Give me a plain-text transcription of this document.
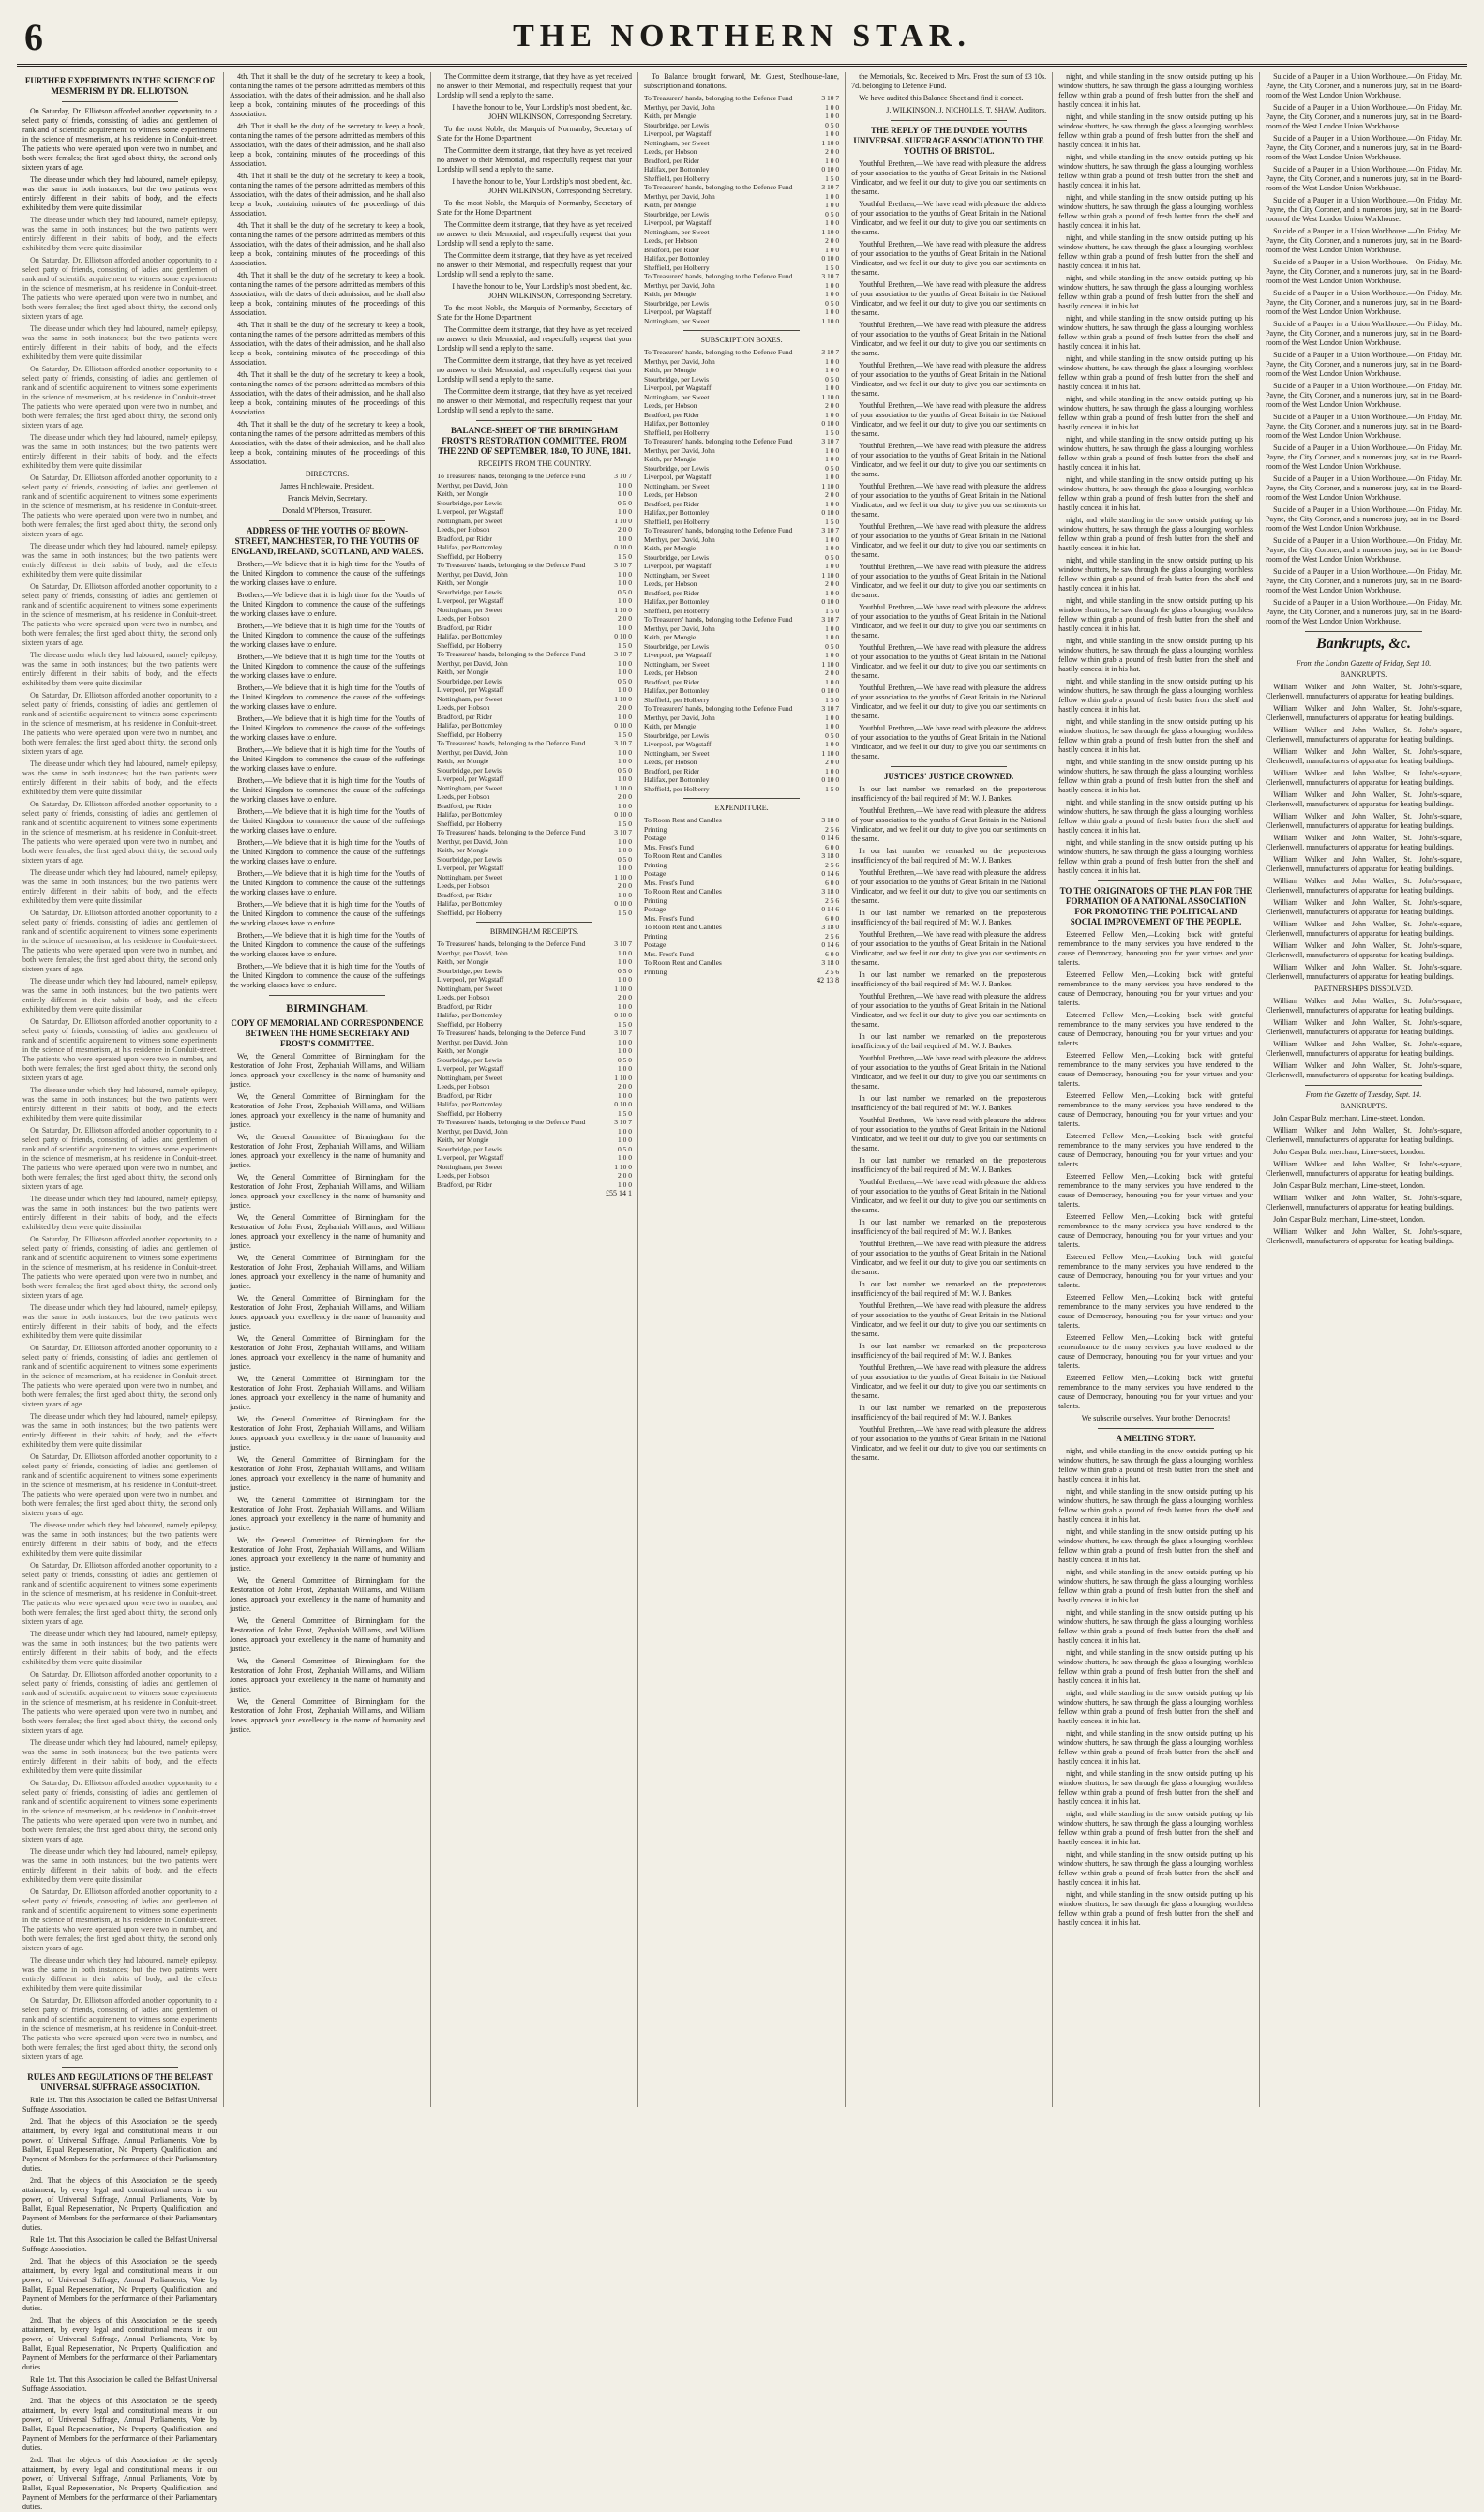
6	THE NORTHERN STAR.
FURTHER EXPERIMENTS IN THE SCIENCE OF MESMERISM BY DR. ELLIOTSON.

On Saturday, Dr. Elliotson afforded another opportunity to a select party of friends, consisting of ladies and gentlemen of rank and of scientific acquirement, to witness some experiments in the science of mesmerism, at his residence in Conduit-street. The patients who were operated upon were two in number, and both were females; the first aged about thirty, the second only sixteen years of age.

The disease under which they had laboured, namely epilepsy, was the same in both instances; but the two patients were entirely different in their habits of body, and the effects exhibited by them were quite dissimilar.

The disease under which they had laboured, namely epilepsy, was the same in both instances; but the two patients were entirely different in their habits of body, and the effects exhibited by them were quite dissimilar.

On Saturday, Dr. Elliotson afforded another opportunity to a select party of friends, consisting of ladies and gentlemen of rank and of scientific acquirement, to witness some experiments in the science of mesmerism, at his residence in Conduit-street. The patients who were operated upon were two in number, and both were females; the first aged about thirty, the second only sixteen years of age.

The disease under which they had laboured, namely epilepsy, was the same in both instances; but the two patients were entirely different in their habits of body, and the effects exhibited by them were quite dissimilar.

On Saturday, Dr. Elliotson afforded another opportunity to a select party of friends, consisting of ladies and gentlemen of rank and of scientific acquirement, to witness some experiments in the science of mesmerism, at his residence in Conduit-street. The patients who were operated upon were two in number, and both were females; the first aged about thirty, the second only sixteen years of age.

The disease under which they had laboured, namely epilepsy, was the same in both instances; but the two patients were entirely different in their habits of body, and the effects exhibited by them were quite dissimilar.

On Saturday, Dr. Elliotson afforded another opportunity to a select party of friends, consisting of ladies and gentlemen of rank and of scientific acquirement, to witness some experiments in the science of mesmerism, at his residence in Conduit-street. The patients who were operated upon were two in number, and both were females; the first aged about thirty, the second only sixteen years of age.

The disease under which they had laboured, namely epilepsy, was the same in both instances; but the two patients were entirely different in their habits of body, and the effects exhibited by them were quite dissimilar.

On Saturday, Dr. Elliotson afforded another opportunity to a select party of friends, consisting of ladies and gentlemen of rank and of scientific acquirement, to witness some experiments in the science of mesmerism, at his residence in Conduit-street. The patients who were operated upon were two in number, and both were females; the first aged about thirty, the second only sixteen years of age.

The disease under which they had laboured, namely epilepsy, was the same in both instances; but the two patients were entirely different in their habits of body, and the effects exhibited by them were quite dissimilar.

On Saturday, Dr. Elliotson afforded another opportunity to a select party of friends, consisting of ladies and gentlemen of rank and of scientific acquirement, to witness some experiments in the science of mesmerism, at his residence in Conduit-street. The patients who were operated upon were two in number, and both were females; the first aged about thirty, the second only sixteen years of age.

The disease under which they had laboured, namely epilepsy, was the same in both instances; but the two patients were entirely different in their habits of body, and the effects exhibited by them were quite dissimilar.

On Saturday, Dr. Elliotson afforded another opportunity to a select party of friends, consisting of ladies and gentlemen of rank and of scientific acquirement, to witness some experiments in the science of mesmerism, at his residence in Conduit-street. The patients who were operated upon were two in number, and both were females; the first aged about thirty, the second only sixteen years of age.

The disease under which they had laboured, namely epilepsy, was the same in both instances; but the two patients were entirely different in their habits of body, and the effects exhibited by them were quite dissimilar.

On Saturday, Dr. Elliotson afforded another opportunity to a select party of friends, consisting of ladies and gentlemen of rank and of scientific acquirement, to witness some experiments in the science of mesmerism, at his residence in Conduit-street. The patients who were operated upon were two in number, and both were females; the first aged about thirty, the second only sixteen years of age.

The disease under which they had laboured, namely epilepsy, was the same in both instances; but the two patients were entirely different in their habits of body, and the effects exhibited by them were quite dissimilar.

On Saturday, Dr. Elliotson afforded another opportunity to a select party of friends, consisting of ladies and gentlemen of rank and of scientific acquirement, to witness some experiments in the science of mesmerism, at his residence in Conduit-street. The patients who were operated upon were two in number, and both were females; the first aged about thirty, the second only sixteen years of age.

The disease under which they had laboured, namely epilepsy, was the same in both instances; but the two patients were entirely different in their habits of body, and the effects exhibited by them were quite dissimilar.

On Saturday, Dr. Elliotson afforded another opportunity to a select party of friends, consisting of ladies and gentlemen of rank and of scientific acquirement, to witness some experiments in the science of mesmerism, at his residence in Conduit-street. The patients who were operated upon were two in number, and both were females; the first aged about thirty, the second only sixteen years of age.

The disease under which they had laboured, namely epilepsy, was the same in both instances; but the two patients were entirely different in their habits of body, and the effects exhibited by them were quite dissimilar.

On Saturday, Dr. Elliotson afforded another opportunity to a select party of friends, consisting of ladies and gentlemen of rank and of scientific acquirement, to witness some experiments in the science of mesmerism, at his residence in Conduit-street. The patients who were operated upon were two in number, and both were females; the first aged about thirty, the second only sixteen years of age.

The disease under which they had laboured, namely epilepsy, was the same in both instances; but the two patients were entirely different in their habits of body, and the effects exhibited by them were quite dissimilar.

On Saturday, Dr. Elliotson afforded another opportunity to a select party of friends, consisting of ladies and gentlemen of rank and of scientific acquirement, to witness some experiments in the science of mesmerism, at his residence in Conduit-street. The patients who were operated upon were two in number, and both were females; the first aged about thirty, the second only sixteen years of age.

The disease under which they had laboured, namely epilepsy, was the same in both instances; but the two patients were entirely different in their habits of body, and the effects exhibited by them were quite dissimilar.

On Saturday, Dr. Elliotson afforded another opportunity to a select party of friends, consisting of ladies and gentlemen of rank and of scientific acquirement, to witness some experiments in the science of mesmerism, at his residence in Conduit-street. The patients who were operated upon were two in number, and both were females; the first aged about thirty, the second only sixteen years of age.

The disease under which they had laboured, namely epilepsy, was the same in both instances; but the two patients were entirely different in their habits of body, and the effects exhibited by them were quite dissimilar.

On Saturday, Dr. Elliotson afforded another opportunity to a select party of friends, consisting of ladies and gentlemen of rank and of scientific acquirement, to witness some experiments in the science of mesmerism, at his residence in Conduit-street. The patients who were operated upon were two in number, and both were females; the first aged about thirty, the second only sixteen years of age.

The disease under which they had laboured, namely epilepsy, was the same in both instances; but the two patients were entirely different in their habits of body, and the effects exhibited by them were quite dissimilar.

On Saturday, Dr. Elliotson afforded another opportunity to a select party of friends, consisting of ladies and gentlemen of rank and of scientific acquirement, to witness some experiments in the science of mesmerism, at his residence in Conduit-street. The patients who were operated upon were two in number, and both were females; the first aged about thirty, the second only sixteen years of age.

The disease under which they had laboured, namely epilepsy, was the same in both instances; but the two patients were entirely different in their habits of body, and the effects exhibited by them were quite dissimilar.

On Saturday, Dr. Elliotson afforded another opportunity to a select party of friends, consisting of ladies and gentlemen of rank and of scientific acquirement, to witness some experiments in the science of mesmerism, at his residence in Conduit-street. The patients who were operated upon were two in number, and both were females; the first aged about thirty, the second only sixteen years of age.

The disease under which they had laboured, namely epilepsy, was the same in both instances; but the two patients were entirely different in their habits of body, and the effects exhibited by them were quite dissimilar.

On Saturday, Dr. Elliotson afforded another opportunity to a select party of friends, consisting of ladies and gentlemen of rank and of scientific acquirement, to witness some experiments in the science of mesmerism, at his residence in Conduit-street. The patients who were operated upon were two in number, and both were females; the first aged about thirty, the second only sixteen years of age.

The disease under which they had laboured, namely epilepsy, was the same in both instances; but the two patients were entirely different in their habits of body, and the effects exhibited by them were quite dissimilar.

On Saturday, Dr. Elliotson afforded another opportunity to a select party of friends, consisting of ladies and gentlemen of rank and of scientific acquirement, to witness some experiments in the science of mesmerism, at his residence in Conduit-street. The patients who were operated upon were two in number, and both were females; the first aged about thirty, the second only sixteen years of age.

RULES AND REGULATIONS OF THE BELFAST UNIVERSAL SUFFRAGE ASSOCIATION.

Rule 1st. That this Association be called the Belfast Universal Suffrage Association.

2nd. That the objects of this Association be the speedy attainment, by every legal and constitutional means in our power, of Universal Suffrage, Annual Parliaments, Vote by Ballot, Equal Representation, No Property Qualification, and Payment of Members for the performance of their Parliamentary duties.

2nd. That the objects of this Association be the speedy attainment, by every legal and constitutional means in our power, of Universal Suffrage, Annual Parliaments, Vote by Ballot, Equal Representation, No Property Qualification, and Payment of Members for the performance of their Parliamentary duties.

Rule 1st. That this Association be called the Belfast Universal Suffrage Association.

2nd. That the objects of this Association be the speedy attainment, by every legal and constitutional means in our power, of Universal Suffrage, Annual Parliaments, Vote by Ballot, Equal Representation, No Property Qualification, and Payment of Members for the performance of their Parliamentary duties.

2nd. That the objects of this Association be the speedy attainment, by every legal and constitutional means in our power, of Universal Suffrage, Annual Parliaments, Vote by Ballot, Equal Representation, No Property Qualification, and Payment of Members for the performance of their Parliamentary duties.

Rule 1st. That this Association be called the Belfast Universal Suffrage Association.

2nd. That the objects of this Association be the speedy attainment, by every legal and constitutional means in our power, of Universal Suffrage, Annual Parliaments, Vote by Ballot, Equal Representation, No Property Qualification, and Payment of Members for the performance of their Parliamentary duties.

2nd. That the objects of this Association be the speedy attainment, by every legal and constitutional means in our power, of Universal Suffrage, Annual Parliaments, Vote by Ballot, Equal Representation, No Property Qualification, and Payment of Members for the performance of their Parliamentary duties.

4th. That it shall be the duty of the secretary to keep a book, containing the names of the persons admitted as members of this Association, with the dates of their admission, and he shall also keep a book, containing minutes of the proceedings of this Association.

4th. That it shall be the duty of the secretary to keep a book, containing the names of the persons admitted as members of this Association, with the dates of their admission, and he shall also keep a book, containing minutes of the proceedings of this Association.

4th. That it shall be the duty of the secretary to keep a book, containing the names of the persons admitted as members of this Association, with the dates of their admission, and he shall also keep a book, containing minutes of the proceedings of this Association.

4th. That it shall be the duty of the secretary to keep a book, containing the names of the persons admitted as members of this Association, with the dates of their admission, and he shall also keep a book, containing minutes of the proceedings of this Association.

4th. That it shall be the duty of the secretary to keep a book, containing the names of the persons admitted as members of this Association, with the dates of their admission, and he shall also keep a book, containing minutes of the proceedings of this Association.

4th. That it shall be the duty of the secretary to keep a book, containing the names of the persons admitted as members of this Association, with the dates of their admission, and he shall also keep a book, containing minutes of the proceedings of this Association.

4th. That it shall be the duty of the secretary to keep a book, containing the names of the persons admitted as members of this Association, with the dates of their admission, and he shall also keep a book, containing minutes of the proceedings of this Association.

4th. That it shall be the duty of the secretary to keep a book, containing the names of the persons admitted as members of this Association, with the dates of their admission, and he shall also keep a book, containing minutes of the proceedings of this Association.

DIRECTORS.

James Hinchlewaite, President.

Francis Melvin, Secretary.

Donald M'Pherson, Treasurer.

ADDRESS OF THE YOUTHS OF BROWN-STREET, MANCHESTER, TO THE YOUTHS OF ENGLAND, IRELAND, SCOTLAND, AND WALES.

Brothers,—We believe that it is high time for the Youths of the United Kingdom to commence the cause of the sufferings the working classes have to endure.

Brothers,—We believe that it is high time for the Youths of the United Kingdom to commence the cause of the sufferings the working classes have to endure.

Brothers,—We believe that it is high time for the Youths of the United Kingdom to commence the cause of the sufferings the working classes have to endure.

Brothers,—We believe that it is high time for the Youths of the United Kingdom to commence the cause of the sufferings the working classes have to endure.

Brothers,—We believe that it is high time for the Youths of the United Kingdom to commence the cause of the sufferings the working classes have to endure.

Brothers,—We believe that it is high time for the Youths of the United Kingdom to commence the cause of the sufferings the working classes have to endure.

Brothers,—We believe that it is high time for the Youths of the United Kingdom to commence the cause of the sufferings the working classes have to endure.

Brothers,—We believe that it is high time for the Youths of the United Kingdom to commence the cause of the sufferings the working classes have to endure.

Brothers,—We believe that it is high time for the Youths of the United Kingdom to commence the cause of the sufferings the working classes have to endure.

Brothers,—We believe that it is high time for the Youths of the United Kingdom to commence the cause of the sufferings the working classes have to endure.

Brothers,—We believe that it is high time for the Youths of the United Kingdom to commence the cause of the sufferings the working classes have to endure.

Brothers,—We believe that it is high time for the Youths of the United Kingdom to commence the cause of the sufferings the working classes have to endure.

Brothers,—We believe that it is high time for the Youths of the United Kingdom to commence the cause of the sufferings the working classes have to endure.

Brothers,—We believe that it is high time for the Youths of the United Kingdom to commence the cause of the sufferings the working classes have to endure.

BIRMINGHAM.
COPY OF MEMORIAL AND CORRESPONDENCE BETWEEN THE HOME SECRETARY AND FROST'S COMMITTEE.

We, the General Committee of Birmingham for the Restoration of John Frost, Zephaniah Williams, and William Jones, approach your excellency in the name of humanity and justice.

We, the General Committee of Birmingham for the Restoration of John Frost, Zephaniah Williams, and William Jones, approach your excellency in the name of humanity and justice.

We, the General Committee of Birmingham for the Restoration of John Frost, Zephaniah Williams, and William Jones, approach your excellency in the name of humanity and justice.

We, the General Committee of Birmingham for the Restoration of John Frost, Zephaniah Williams, and William Jones, approach your excellency in the name of humanity and justice.

We, the General Committee of Birmingham for the Restoration of John Frost, Zephaniah Williams, and William Jones, approach your excellency in the name of humanity and justice.

We, the General Committee of Birmingham for the Restoration of John Frost, Zephaniah Williams, and William Jones, approach your excellency in the name of humanity and justice.

We, the General Committee of Birmingham for the Restoration of John Frost, Zephaniah Williams, and William Jones, approach your excellency in the name of humanity and justice.

We, the General Committee of Birmingham for the Restoration of John Frost, Zephaniah Williams, and William Jones, approach your excellency in the name of humanity and justice.

We, the General Committee of Birmingham for the Restoration of John Frost, Zephaniah Williams, and William Jones, approach your excellency in the name of humanity and justice.

We, the General Committee of Birmingham for the Restoration of John Frost, Zephaniah Williams, and William Jones, approach your excellency in the name of humanity and justice.

We, the General Committee of Birmingham for the Restoration of John Frost, Zephaniah Williams, and William Jones, approach your excellency in the name of humanity and justice.

We, the General Committee of Birmingham for the Restoration of John Frost, Zephaniah Williams, and William Jones, approach your excellency in the name of humanity and justice.

We, the General Committee of Birmingham for the Restoration of John Frost, Zephaniah Williams, and William Jones, approach your excellency in the name of humanity and justice.

We, the General Committee of Birmingham for the Restoration of John Frost, Zephaniah Williams, and William Jones, approach your excellency in the name of humanity and justice.

We, the General Committee of Birmingham for the Restoration of John Frost, Zephaniah Williams, and William Jones, approach your excellency in the name of humanity and justice.

We, the General Committee of Birmingham for the Restoration of John Frost, Zephaniah Williams, and William Jones, approach your excellency in the name of humanity and justice.

We, the General Committee of Birmingham for the Restoration of John Frost, Zephaniah Williams, and William Jones, approach your excellency in the name of humanity and justice.

The Committee deem it strange, that they have as yet received no answer to their Memorial, and respectfully request that your Lordship will send a reply to the same.

I have the honour to be, Your Lordship's most obedient, &c. JOHN WILKINSON, Corresponding Secretary.

To the most Noble, the Marquis of Normanby, Secretary of State for the Home Department.

The Committee deem it strange, that they have as yet received no answer to their Memorial, and respectfully request that your Lordship will send a reply to the same.

I have the honour to be, Your Lordship's most obedient, &c. JOHN WILKINSON, Corresponding Secretary.

To the most Noble, the Marquis of Normanby, Secretary of State for the Home Department.

The Committee deem it strange, that they have as yet received no answer to their Memorial, and respectfully request that your Lordship will send a reply to the same.

The Committee deem it strange, that they have as yet received no answer to their Memorial, and respectfully request that your Lordship will send a reply to the same.

I have the honour to be, Your Lordship's most obedient, &c. JOHN WILKINSON, Corresponding Secretary.

To the most Noble, the Marquis of Normanby, Secretary of State for the Home Department.

The Committee deem it strange, that they have as yet received no answer to their Memorial, and respectfully request that your Lordship will send a reply to the same.

The Committee deem it strange, that they have as yet received no answer to their Memorial, and respectfully request that your Lordship will send a reply to the same.

The Committee deem it strange, that they have as yet received no answer to their Memorial, and respectfully request that your Lordship will send a reply to the same.

BALANCE-SHEET OF THE BIRMINGHAM FROST'S RESTORATION COMMITTEE, FROM THE 22ND OF SEPTEMBER, 1840, TO JUNE, 1841.

RECEIPTS FROM THE COUNTRY.

To Treasurers' hands, belonging to the Defence Fund	3 10 7
Merthyr, per David, John	1 0 0
Keith, per Mongie	1 0 0
Stourbridge, per Lewis	0 5 0
Liverpool, per Wagstaff	1 0 0
Nottingham, per Sweet	1 10 0
Leeds, per Hobson	2 0 0
Bradford, per Rider	1 0 0
Halifax, per Bottomley	0 10 0
Sheffield, per Holberry	1 5 0
To Treasurers' hands, belonging to the Defence Fund	3 10 7
Merthyr, per David, John	1 0 0
Keith, per Mongie	1 0 0
Stourbridge, per Lewis	0 5 0
Liverpool, per Wagstaff	1 0 0
Nottingham, per Sweet	1 10 0
Leeds, per Hobson	2 0 0
Bradford, per Rider	1 0 0
Halifax, per Bottomley	0 10 0
Sheffield, per Holberry	1 5 0
To Treasurers' hands, belonging to the Defence Fund	3 10 7
Merthyr, per David, John	1 0 0
Keith, per Mongie	1 0 0
Stourbridge, per Lewis	0 5 0
Liverpool, per Wagstaff	1 0 0
Nottingham, per Sweet	1 10 0
Leeds, per Hobson	2 0 0
Bradford, per Rider	1 0 0
Halifax, per Bottomley	0 10 0
Sheffield, per Holberry	1 5 0
To Treasurers' hands, belonging to the Defence Fund	3 10 7
Merthyr, per David, John	1 0 0
Keith, per Mongie	1 0 0
Stourbridge, per Lewis	0 5 0
Liverpool, per Wagstaff	1 0 0
Nottingham, per Sweet	1 10 0
Leeds, per Hobson	2 0 0
Bradford, per Rider	1 0 0
Halifax, per Bottomley	0 10 0
Sheffield, per Holberry	1 5 0
To Treasurers' hands, belonging to the Defence Fund	3 10 7
Merthyr, per David, John	1 0 0
Keith, per Mongie	1 0 0
Stourbridge, per Lewis	0 5 0
Liverpool, per Wagstaff	1 0 0
Nottingham, per Sweet	1 10 0
Leeds, per Hobson	2 0 0
Bradford, per Rider	1 0 0
Halifax, per Bottomley	0 10 0
Sheffield, per Holberry	1 5 0

BIRMINGHAM RECEIPTS.

To Treasurers' hands, belonging to the Defence Fund	3 10 7
Merthyr, per David, John	1 0 0
Keith, per Mongie	1 0 0
Stourbridge, per Lewis	0 5 0
Liverpool, per Wagstaff	1 0 0
Nottingham, per Sweet	1 10 0
Leeds, per Hobson	2 0 0
Bradford, per Rider	1 0 0
Halifax, per Bottomley	0 10 0
Sheffield, per Holberry	1 5 0
To Treasurers' hands, belonging to the Defence Fund	3 10 7
Merthyr, per David, John	1 0 0
Keith, per Mongie	1 0 0
Stourbridge, per Lewis	0 5 0
Liverpool, per Wagstaff	1 0 0
Nottingham, per Sweet	1 10 0
Leeds, per Hobson	2 0 0
Bradford, per Rider	1 0 0
Halifax, per Bottomley	0 10 0
Sheffield, per Holberry	1 5 0
To Treasurers' hands, belonging to the Defence Fund	3 10 7
Merthyr, per David, John	1 0 0
Keith, per Mongie	1 0 0
Stourbridge, per Lewis	0 5 0
Liverpool, per Wagstaff	1 0 0
Nottingham, per Sweet	1 10 0
Leeds, per Hobson	2 0 0
Bradford, per Rider	1 0 0

£55 14 1

To Balance brought forward, Mr. Guest, Steelhouse-lane, subscription and donations.

To Treasurers' hands, belonging to the Defence Fund	3 10 7
Merthyr, per David, John	1 0 0
Keith, per Mongie	1 0 0
Stourbridge, per Lewis	0 5 0
Liverpool, per Wagstaff	1 0 0
Nottingham, per Sweet	1 10 0
Leeds, per Hobson	2 0 0
Bradford, per Rider	1 0 0
Halifax, per Bottomley	0 10 0
Sheffield, per Holberry	1 5 0
To Treasurers' hands, belonging to the Defence Fund	3 10 7
Merthyr, per David, John	1 0 0
Keith, per Mongie	1 0 0
Stourbridge, per Lewis	0 5 0
Liverpool, per Wagstaff	1 0 0
Nottingham, per Sweet	1 10 0
Leeds, per Hobson	2 0 0
Bradford, per Rider	1 0 0
Halifax, per Bottomley	0 10 0
Sheffield, per Holberry	1 5 0
To Treasurers' hands, belonging to the Defence Fund	3 10 7
Merthyr, per David, John	1 0 0
Keith, per Mongie	1 0 0
Stourbridge, per Lewis	0 5 0
Liverpool, per Wagstaff	1 0 0
Nottingham, per Sweet	1 10 0

SUBSCRIPTION BOXES.

To Treasurers' hands, belonging to the Defence Fund	3 10 7
Merthyr, per David, John	1 0 0
Keith, per Mongie	1 0 0
Stourbridge, per Lewis	0 5 0
Liverpool, per Wagstaff	1 0 0
Nottingham, per Sweet	1 10 0
Leeds, per Hobson	2 0 0
Bradford, per Rider	1 0 0
Halifax, per Bottomley	0 10 0
Sheffield, per Holberry	1 5 0
To Treasurers' hands, belonging to the Defence Fund	3 10 7
Merthyr, per David, John	1 0 0
Keith, per Mongie	1 0 0
Stourbridge, per Lewis	0 5 0
Liverpool, per Wagstaff	1 0 0
Nottingham, per Sweet	1 10 0
Leeds, per Hobson	2 0 0
Bradford, per Rider	1 0 0
Halifax, per Bottomley	0 10 0
Sheffield, per Holberry	1 5 0
To Treasurers' hands, belonging to the Defence Fund	3 10 7
Merthyr, per David, John	1 0 0
Keith, per Mongie	1 0 0
Stourbridge, per Lewis	0 5 0
Liverpool, per Wagstaff	1 0 0
Nottingham, per Sweet	1 10 0
Leeds, per Hobson	2 0 0
Bradford, per Rider	1 0 0
Halifax, per Bottomley	0 10 0
Sheffield, per Holberry	1 5 0
To Treasurers' hands, belonging to the Defence Fund	3 10 7
Merthyr, per David, John	1 0 0
Keith, per Mongie	1 0 0
Stourbridge, per Lewis	0 5 0
Liverpool, per Wagstaff	1 0 0
Nottingham, per Sweet	1 10 0
Leeds, per Hobson	2 0 0
Bradford, per Rider	1 0 0
Halifax, per Bottomley	0 10 0
Sheffield, per Holberry	1 5 0
To Treasurers' hands, belonging to the Defence Fund	3 10 7
Merthyr, per David, John	1 0 0
Keith, per Mongie	1 0 0
Stourbridge, per Lewis	0 5 0
Liverpool, per Wagstaff	1 0 0
Nottingham, per Sweet	1 10 0
Leeds, per Hobson	2 0 0
Bradford, per Rider	1 0 0
Halifax, per Bottomley	0 10 0
Sheffield, per Holberry	1 5 0

EXPENDITURE.

To Room Rent and Candles	3 18 0
Printing	2 5 6
Postage	0 14 6
Mrs. Frost's Fund	6 0 0
To Room Rent and Candles	3 18 0
Printing	2 5 6
Postage	0 14 6
Mrs. Frost's Fund	6 0 0
To Room Rent and Candles	3 18 0
Printing	2 5 6
Postage	0 14 6
Mrs. Frost's Fund	6 0 0
To Room Rent and Candles	3 18 0
Printing	2 5 6
Postage	0 14 6
Mrs. Frost's Fund	6 0 0
To Room Rent and Candles	3 18 0
Printing	2 5 6

42 13 8

the Memorials, &c. Received to Mrs. Frost the sum of £3 10s. 7d. belonging to Defence Fund.

We have audited this Balance Sheet and find it correct.

J. WILKINSON, J. NICHOLLS, T. SHAW, Auditors.

THE REPLY OF THE DUNDEE YOUTHS UNIVERSAL SUFFRAGE ASSOCIATION TO THE YOUTHS OF BRISTOL.

Youthful Brethren,—We have read with pleasure the address of your association to the youths of Great Britain in the National Vindicator, and we feel it our duty to give you our sentiments on the same.

Youthful Brethren,—We have read with pleasure the address of your association to the youths of Great Britain in the National Vindicator, and we feel it our duty to give you our sentiments on the same.

Youthful Brethren,—We have read with pleasure the address of your association to the youths of Great Britain in the National Vindicator, and we feel it our duty to give you our sentiments on the same.

Youthful Brethren,—We have read with pleasure the address of your association to the youths of Great Britain in the National Vindicator, and we feel it our duty to give you our sentiments on the same.

Youthful Brethren,—We have read with pleasure the address of your association to the youths of Great Britain in the National Vindicator, and we feel it our duty to give you our sentiments on the same.

Youthful Brethren,—We have read with pleasure the address of your association to the youths of Great Britain in the National Vindicator, and we feel it our duty to give you our sentiments on the same.

Youthful Brethren,—We have read with pleasure the address of your association to the youths of Great Britain in the National Vindicator, and we feel it our duty to give you our sentiments on the same.

Youthful Brethren,—We have read with pleasure the address of your association to the youths of Great Britain in the National Vindicator, and we feel it our duty to give you our sentiments on the same.

Youthful Brethren,—We have read with pleasure the address of your association to the youths of Great Britain in the National Vindicator, and we feel it our duty to give you our sentiments on the same.

Youthful Brethren,—We have read with pleasure the address of your association to the youths of Great Britain in the National Vindicator, and we feel it our duty to give you our sentiments on the same.

Youthful Brethren,—We have read with pleasure the address of your association to the youths of Great Britain in the National Vindicator, and we feel it our duty to give you our sentiments on the same.

Youthful Brethren,—We have read with pleasure the address of your association to the youths of Great Britain in the National Vindicator, and we feel it our duty to give you our sentiments on the same.

Youthful Brethren,—We have read with pleasure the address of your association to the youths of Great Britain in the National Vindicator, and we feel it our duty to give you our sentiments on the same.

Youthful Brethren,—We have read with pleasure the address of your association to the youths of Great Britain in the National Vindicator, and we feel it our duty to give you our sentiments on the same.

Youthful Brethren,—We have read with pleasure the address of your association to the youths of Great Britain in the National Vindicator, and we feel it our duty to give you our sentiments on the same.

JUSTICES' JUSTICE CROWNED.

In our last number we remarked on the preposterous insufficiency of the bail required of Mr. W. J. Bankes.

Youthful Brethren,—We have read with pleasure the address of your association to the youths of Great Britain in the National Vindicator, and we feel it our duty to give you our sentiments on the same.

In our last number we remarked on the preposterous insufficiency of the bail required of Mr. W. J. Bankes.

Youthful Brethren,—We have read with pleasure the address of your association to the youths of Great Britain in the National Vindicator, and we feel it our duty to give you our sentiments on the same.

In our last number we remarked on the preposterous insufficiency of the bail required of Mr. W. J. Bankes.

Youthful Brethren,—We have read with pleasure the address of your association to the youths of Great Britain in the National Vindicator, and we feel it our duty to give you our sentiments on the same.

In our last number we remarked on the preposterous insufficiency of the bail required of Mr. W. J. Bankes.

Youthful Brethren,—We have read with pleasure the address of your association to the youths of Great Britain in the National Vindicator, and we feel it our duty to give you our sentiments on the same.

In our last number we remarked on the preposterous insufficiency of the bail required of Mr. W. J. Bankes.

Youthful Brethren,—We have read with pleasure the address of your association to the youths of Great Britain in the National Vindicator, and we feel it our duty to give you our sentiments on the same.

In our last number we remarked on the preposterous insufficiency of the bail required of Mr. W. J. Bankes.

Youthful Brethren,—We have read with pleasure the address of your association to the youths of Great Britain in the National Vindicator, and we feel it our duty to give you our sentiments on the same.

In our last number we remarked on the preposterous insufficiency of the bail required of Mr. W. J. Bankes.

Youthful Brethren,—We have read with pleasure the address of your association to the youths of Great Britain in the National Vindicator, and we feel it our duty to give you our sentiments on the same.

In our last number we remarked on the preposterous insufficiency of the bail required of Mr. W. J. Bankes.

Youthful Brethren,—We have read with pleasure the address of your association to the youths of Great Britain in the National Vindicator, and we feel it our duty to give you our sentiments on the same.

In our last number we remarked on the preposterous insufficiency of the bail required of Mr. W. J. Bankes.

Youthful Brethren,—We have read with pleasure the address of your association to the youths of Great Britain in the National Vindicator, and we feel it our duty to give you our sentiments on the same.

In our last number we remarked on the preposterous insufficiency of the bail required of Mr. W. J. Bankes.

Youthful Brethren,—We have read with pleasure the address of your association to the youths of Great Britain in the National Vindicator, and we feel it our duty to give you our sentiments on the same.

In our last number we remarked on the preposterous insufficiency of the bail required of Mr. W. J. Bankes.

Youthful Brethren,—We have read with pleasure the address of your association to the youths of Great Britain in the National Vindicator, and we feel it our duty to give you our sentiments on the same.

night, and while standing in the snow outside putting up his window shutters, he saw through the glass a lounging, worthless fellow within grab a pound of fresh butter from the shelf and hastily conceal it in his hat.

night, and while standing in the snow outside putting up his window shutters, he saw through the glass a lounging, worthless fellow within grab a pound of fresh butter from the shelf and hastily conceal it in his hat.

night, and while standing in the snow outside putting up his window shutters, he saw through the glass a lounging, worthless fellow within grab a pound of fresh butter from the shelf and hastily conceal it in his hat.

night, and while standing in the snow outside putting up his window shutters, he saw through the glass a lounging, worthless fellow within grab a pound of fresh butter from the shelf and hastily conceal it in his hat.

night, and while standing in the snow outside putting up his window shutters, he saw through the glass a lounging, worthless fellow within grab a pound of fresh butter from the shelf and hastily conceal it in his hat.

night, and while standing in the snow outside putting up his window shutters, he saw through the glass a lounging, worthless fellow within grab a pound of fresh butter from the shelf and hastily conceal it in his hat.

night, and while standing in the snow outside putting up his window shutters, he saw through the glass a lounging, worthless fellow within grab a pound of fresh butter from the shelf and hastily conceal it in his hat.

night, and while standing in the snow outside putting up his window shutters, he saw through the glass a lounging, worthless fellow within grab a pound of fresh butter from the shelf and hastily conceal it in his hat.

night, and while standing in the snow outside putting up his window shutters, he saw through the glass a lounging, worthless fellow within grab a pound of fresh butter from the shelf and hastily conceal it in his hat.

night, and while standing in the snow outside putting up his window shutters, he saw through the glass a lounging, worthless fellow within grab a pound of fresh butter from the shelf and hastily conceal it in his hat.

night, and while standing in the snow outside putting up his window shutters, he saw through the glass a lounging, worthless fellow within grab a pound of fresh butter from the shelf and hastily conceal it in his hat.

night, and while standing in the snow outside putting up his window shutters, he saw through the glass a lounging, worthless fellow within grab a pound of fresh butter from the shelf and hastily conceal it in his hat.

night, and while standing in the snow outside putting up his window shutters, he saw through the glass a lounging, worthless fellow within grab a pound of fresh butter from the shelf and hastily conceal it in his hat.

night, and while standing in the snow outside putting up his window shutters, he saw through the glass a lounging, worthless fellow within grab a pound of fresh butter from the shelf and hastily conceal it in his hat.

night, and while standing in the snow outside putting up his window shutters, he saw through the glass a lounging, worthless fellow within grab a pound of fresh butter from the shelf and hastily conceal it in his hat.

night, and while standing in the snow outside putting up his window shutters, he saw through the glass a lounging, worthless fellow within grab a pound of fresh butter from the shelf and hastily conceal it in his hat.

night, and while standing in the snow outside putting up his window shutters, he saw through the glass a lounging, worthless fellow within grab a pound of fresh butter from the shelf and hastily conceal it in his hat.

night, and while standing in the snow outside putting up his window shutters, he saw through the glass a lounging, worthless fellow within grab a pound of fresh butter from the shelf and hastily conceal it in his hat.

night, and while standing in the snow outside putting up his window shutters, he saw through the glass a lounging, worthless fellow within grab a pound of fresh butter from the shelf and hastily conceal it in his hat.

night, and while standing in the snow outside putting up his window shutters, he saw through the glass a lounging, worthless fellow within grab a pound of fresh butter from the shelf and hastily conceal it in his hat.

TO THE ORIGINATORS OF THE PLAN FOR THE FORMATION OF A NATIONAL ASSOCIATION FOR PROMOTING THE POLITICAL AND SOCIAL IMPROVEMENT OF THE PEOPLE.

Esteemed Fellow Men,—Looking back with grateful remembrance to the many services you have rendered to the cause of Democracy, honouring you for your virtues and your talents.

Esteemed Fellow Men,—Looking back with grateful remembrance to the many services you have rendered to the cause of Democracy, honouring you for your virtues and your talents.

Esteemed Fellow Men,—Looking back with grateful remembrance to the many services you have rendered to the cause of Democracy, honouring you for your virtues and your talents.

Esteemed Fellow Men,—Looking back with grateful remembrance to the many services you have rendered to the cause of Democracy, honouring you for your virtues and your talents.

Esteemed Fellow Men,—Looking back with grateful remembrance to the many services you have rendered to the cause of Democracy, honouring you for your virtues and your talents.

Esteemed Fellow Men,—Looking back with grateful remembrance to the many services you have rendered to the cause of Democracy, honouring you for your virtues and your talents.

Esteemed Fellow Men,—Looking back with grateful remembrance to the many services you have rendered to the cause of Democracy, honouring you for your virtues and your talents.

Esteemed Fellow Men,—Looking back with grateful remembrance to the many services you have rendered to the cause of Democracy, honouring you for your virtues and your talents.

Esteemed Fellow Men,—Looking back with grateful remembrance to the many services you have rendered to the cause of Democracy, honouring you for your virtues and your talents.

Esteemed Fellow Men,—Looking back with grateful remembrance to the many services you have rendered to the cause of Democracy, honouring you for your virtues and your talents.

Esteemed Fellow Men,—Looking back with grateful remembrance to the many services you have rendered to the cause of Democracy, honouring you for your virtues and your talents.

Esteemed Fellow Men,—Looking back with grateful remembrance to the many services you have rendered to the cause of Democracy, honouring you for your virtues and your talents.

We subscribe ourselves, Your brother Democrats!

A MELTING STORY.

night, and while standing in the snow outside putting up his window shutters, he saw through the glass a lounging, worthless fellow within grab a pound of fresh butter from the shelf and hastily conceal it in his hat.

night, and while standing in the snow outside putting up his window shutters, he saw through the glass a lounging, worthless fellow within grab a pound of fresh butter from the shelf and hastily conceal it in his hat.

night, and while standing in the snow outside putting up his window shutters, he saw through the glass a lounging, worthless fellow within grab a pound of fresh butter from the shelf and hastily conceal it in his hat.

night, and while standing in the snow outside putting up his window shutters, he saw through the glass a lounging, worthless fellow within grab a pound of fresh butter from the shelf and hastily conceal it in his hat.

night, and while standing in the snow outside putting up his window shutters, he saw through the glass a lounging, worthless fellow within grab a pound of fresh butter from the shelf and hastily conceal it in his hat.

night, and while standing in the snow outside putting up his window shutters, he saw through the glass a lounging, worthless fellow within grab a pound of fresh butter from the shelf and hastily conceal it in his hat.

night, and while standing in the snow outside putting up his window shutters, he saw through the glass a lounging, worthless fellow within grab a pound of fresh butter from the shelf and hastily conceal it in his hat.

night, and while standing in the snow outside putting up his window shutters, he saw through the glass a lounging, worthless fellow within grab a pound of fresh butter from the shelf and hastily conceal it in his hat.

night, and while standing in the snow outside putting up his window shutters, he saw through the glass a lounging, worthless fellow within grab a pound of fresh butter from the shelf and hastily conceal it in his hat.

night, and while standing in the snow outside putting up his window shutters, he saw through the glass a lounging, worthless fellow within grab a pound of fresh butter from the shelf and hastily conceal it in his hat.

night, and while standing in the snow outside putting up his window shutters, he saw through the glass a lounging, worthless fellow within grab a pound of fresh butter from the shelf and hastily conceal it in his hat.

night, and while standing in the snow outside putting up his window shutters, he saw through the glass a lounging, worthless fellow within grab a pound of fresh butter from the shelf and hastily conceal it in his hat.

Suicide of a Pauper in a Union Workhouse.—On Friday, Mr. Payne, the City Coroner, and a numerous jury, sat in the Board-room of the West London Union Workhouse.

Suicide of a Pauper in a Union Workhouse.—On Friday, Mr. Payne, the City Coroner, and a numerous jury, sat in the Board-room of the West London Union Workhouse.

Suicide of a Pauper in a Union Workhouse.—On Friday, Mr. Payne, the City Coroner, and a numerous jury, sat in the Board-room of the West London Union Workhouse.

Suicide of a Pauper in a Union Workhouse.—On Friday, Mr. Payne, the City Coroner, and a numerous jury, sat in the Board-room of the West London Union Workhouse.

Suicide of a Pauper in a Union Workhouse.—On Friday, Mr. Payne, the City Coroner, and a numerous jury, sat in the Board-room of the West London Union Workhouse.

Suicide of a Pauper in a Union Workhouse.—On Friday, Mr. Payne, the City Coroner, and a numerous jury, sat in the Board-room of the West London Union Workhouse.

Suicide of a Pauper in a Union Workhouse.—On Friday, Mr. Payne, the City Coroner, and a numerous jury, sat in the Board-room of the West London Union Workhouse.

Suicide of a Pauper in a Union Workhouse.—On Friday, Mr. Payne, the City Coroner, and a numerous jury, sat in the Board-room of the West London Union Workhouse.

Suicide of a Pauper in a Union Workhouse.—On Friday, Mr. Payne, the City Coroner, and a numerous jury, sat in the Board-room of the West London Union Workhouse.

Suicide of a Pauper in a Union Workhouse.—On Friday, Mr. Payne, the City Coroner, and a numerous jury, sat in the Board-room of the West London Union Workhouse.

Suicide of a Pauper in a Union Workhouse.—On Friday, Mr. Payne, the City Coroner, and a numerous jury, sat in the Board-room of the West London Union Workhouse.

Suicide of a Pauper in a Union Workhouse.—On Friday, Mr. Payne, the City Coroner, and a numerous jury, sat in the Board-room of the West London Union Workhouse.

Suicide of a Pauper in a Union Workhouse.—On Friday, Mr. Payne, the City Coroner, and a numerous jury, sat in the Board-room of the West London Union Workhouse.

Suicide of a Pauper in a Union Workhouse.—On Friday, Mr. Payne, the City Coroner, and a numerous jury, sat in the Board-room of the West London Union Workhouse.

Suicide of a Pauper in a Union Workhouse.—On Friday, Mr. Payne, the City Coroner, and a numerous jury, sat in the Board-room of the West London Union Workhouse.

Suicide of a Pauper in a Union Workhouse.—On Friday, Mr. Payne, the City Coroner, and a numerous jury, sat in the Board-room of the West London Union Workhouse.

Suicide of a Pauper in a Union Workhouse.—On Friday, Mr. Payne, the City Coroner, and a numerous jury, sat in the Board-room of the West London Union Workhouse.

Suicide of a Pauper in a Union Workhouse.—On Friday, Mr. Payne, the City Coroner, and a numerous jury, sat in the Board-room of the West London Union Workhouse.

Bankrupts, &c.
From the London Gazette of Friday, Sept 10.

BANKRUPTS.

William Walker and John Walker, St. John's-square, Clerkenwell, manufacturers of apparatus for heating buildings.

William Walker and John Walker, St. John's-square, Clerkenwell, manufacturers of apparatus for heating buildings.

William Walker and John Walker, St. John's-square, Clerkenwell, manufacturers of apparatus for heating buildings.

William Walker and John Walker, St. John's-square, Clerkenwell, manufacturers of apparatus for heating buildings.

William Walker and John Walker, St. John's-square, Clerkenwell, manufacturers of apparatus for heating buildings.

William Walker and John Walker, St. John's-square, Clerkenwell, manufacturers of apparatus for heating buildings.

William Walker and John Walker, St. John's-square, Clerkenwell, manufacturers of apparatus for heating buildings.

William Walker and John Walker, St. John's-square, Clerkenwell, manufacturers of apparatus for heating buildings.

William Walker and John Walker, St. John's-square, Clerkenwell, manufacturers of apparatus for heating buildings.

William Walker and John Walker, St. John's-square, Clerkenwell, manufacturers of apparatus for heating buildings.

William Walker and John Walker, St. John's-square, Clerkenwell, manufacturers of apparatus for heating buildings.

William Walker and John Walker, St. John's-square, Clerkenwell, manufacturers of apparatus for heating buildings.

William Walker and John Walker, St. John's-square, Clerkenwell, manufacturers of apparatus for heating buildings.

William Walker and John Walker, St. John's-square, Clerkenwell, manufacturers of apparatus for heating buildings.

PARTNERSHIPS DISSOLVED.

William Walker and John Walker, St. John's-square, Clerkenwell, manufacturers of apparatus for heating buildings.

William Walker and John Walker, St. John's-square, Clerkenwell, manufacturers of apparatus for heating buildings.

William Walker and John Walker, St. John's-square, Clerkenwell, manufacturers of apparatus for heating buildings.

William Walker and John Walker, St. John's-square, Clerkenwell, manufacturers of apparatus for heating buildings.

From the Gazette of Tuesday, Sept. 14.

BANKRUPTS.

John Caspar Bulz, merchant, Lime-street, London.

William Walker and John Walker, St. John's-square, Clerkenwell, manufacturers of apparatus for heating buildings.

John Caspar Bulz, merchant, Lime-street, London.

William Walker and John Walker, St. John's-square, Clerkenwell, manufacturers of apparatus for heating buildings.

John Caspar Bulz, merchant, Lime-street, London.

William Walker and John Walker, St. John's-square, Clerkenwell, manufacturers of apparatus for heating buildings.

John Caspar Bulz, merchant, Lime-street, London.

William Walker and John Walker, St. John's-square, Clerkenwell, manufacturers of apparatus for heating buildings.
